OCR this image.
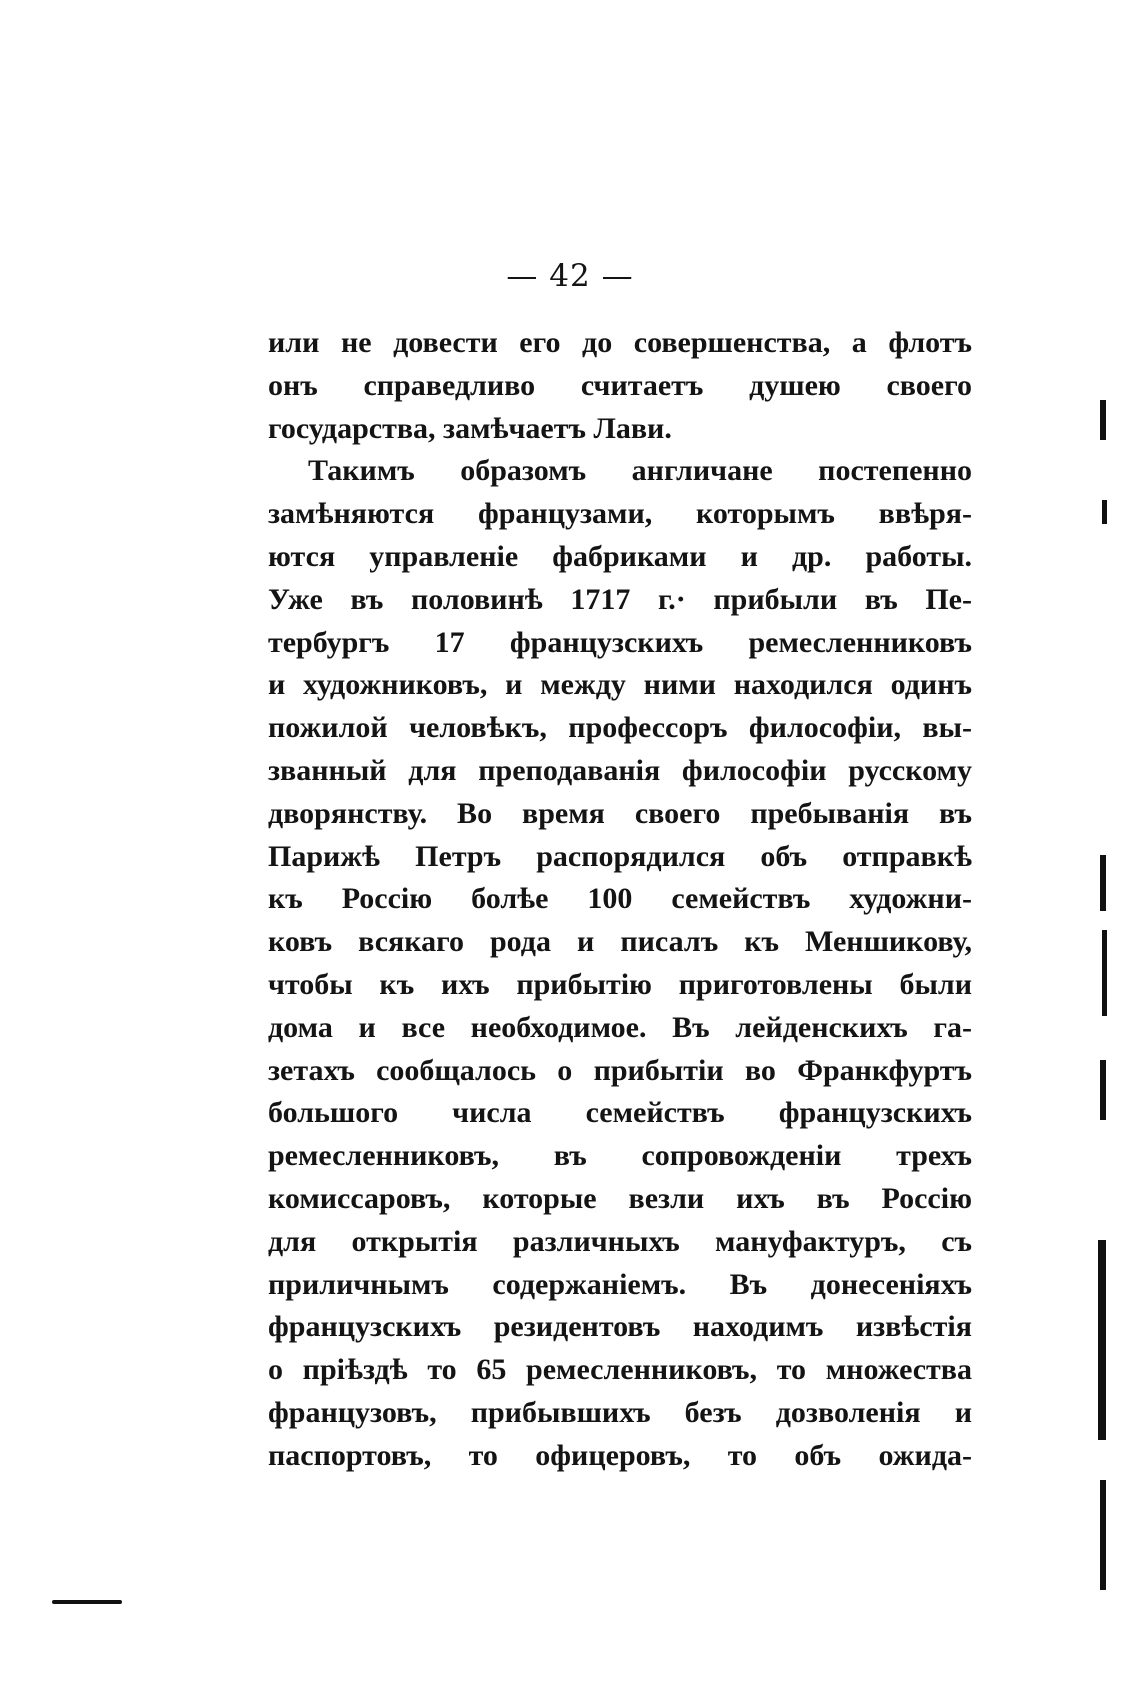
— 42 —
или не довести его до совершенства, а флотъ
онъ справедливо считаетъ душею своего
государства, замѣчаетъ Лави.
Такимъ образомъ англичане постепенно
замѣняются французами, которымъ ввѣря-
ются управленіе фабриками и др. работы.
Уже въ половинѣ 1717 г.· прибыли въ Пе-
тербургъ 17 французскихъ ремесленниковъ
и художниковъ, и между ними находился одинъ
пожилой человѣкъ, профессоръ философіи, вы-
званный для преподаванія философіи русскому
дворянству. Во время своего пребыванія въ
Парижѣ Петръ распорядился объ отправкѣ
къ Россію болѣе 100 семействъ художни-
ковъ всякаго рода и писалъ къ Меншикову,
чтобы къ ихъ прибытію приготовлены были
дома и все необходимое. Въ лейденскихъ га-
зетахъ сообщалось о прибытіи во Франкфуртъ
большого числа семействъ французскихъ
ремесленниковъ, въ сопровожденіи трехъ
комиссаровъ, которые везли ихъ въ Россію
для открытія различныхъ мануфактуръ, съ
приличнымъ содержаніемъ. Въ донесеніяхъ
французскихъ резидентовъ находимъ извѣстія
о пріѣздѣ то 65 ремесленниковъ, то множества
французовъ, прибывшихъ безъ дозволенія и
паспортовъ, то офицеровъ, то объ ожида-
